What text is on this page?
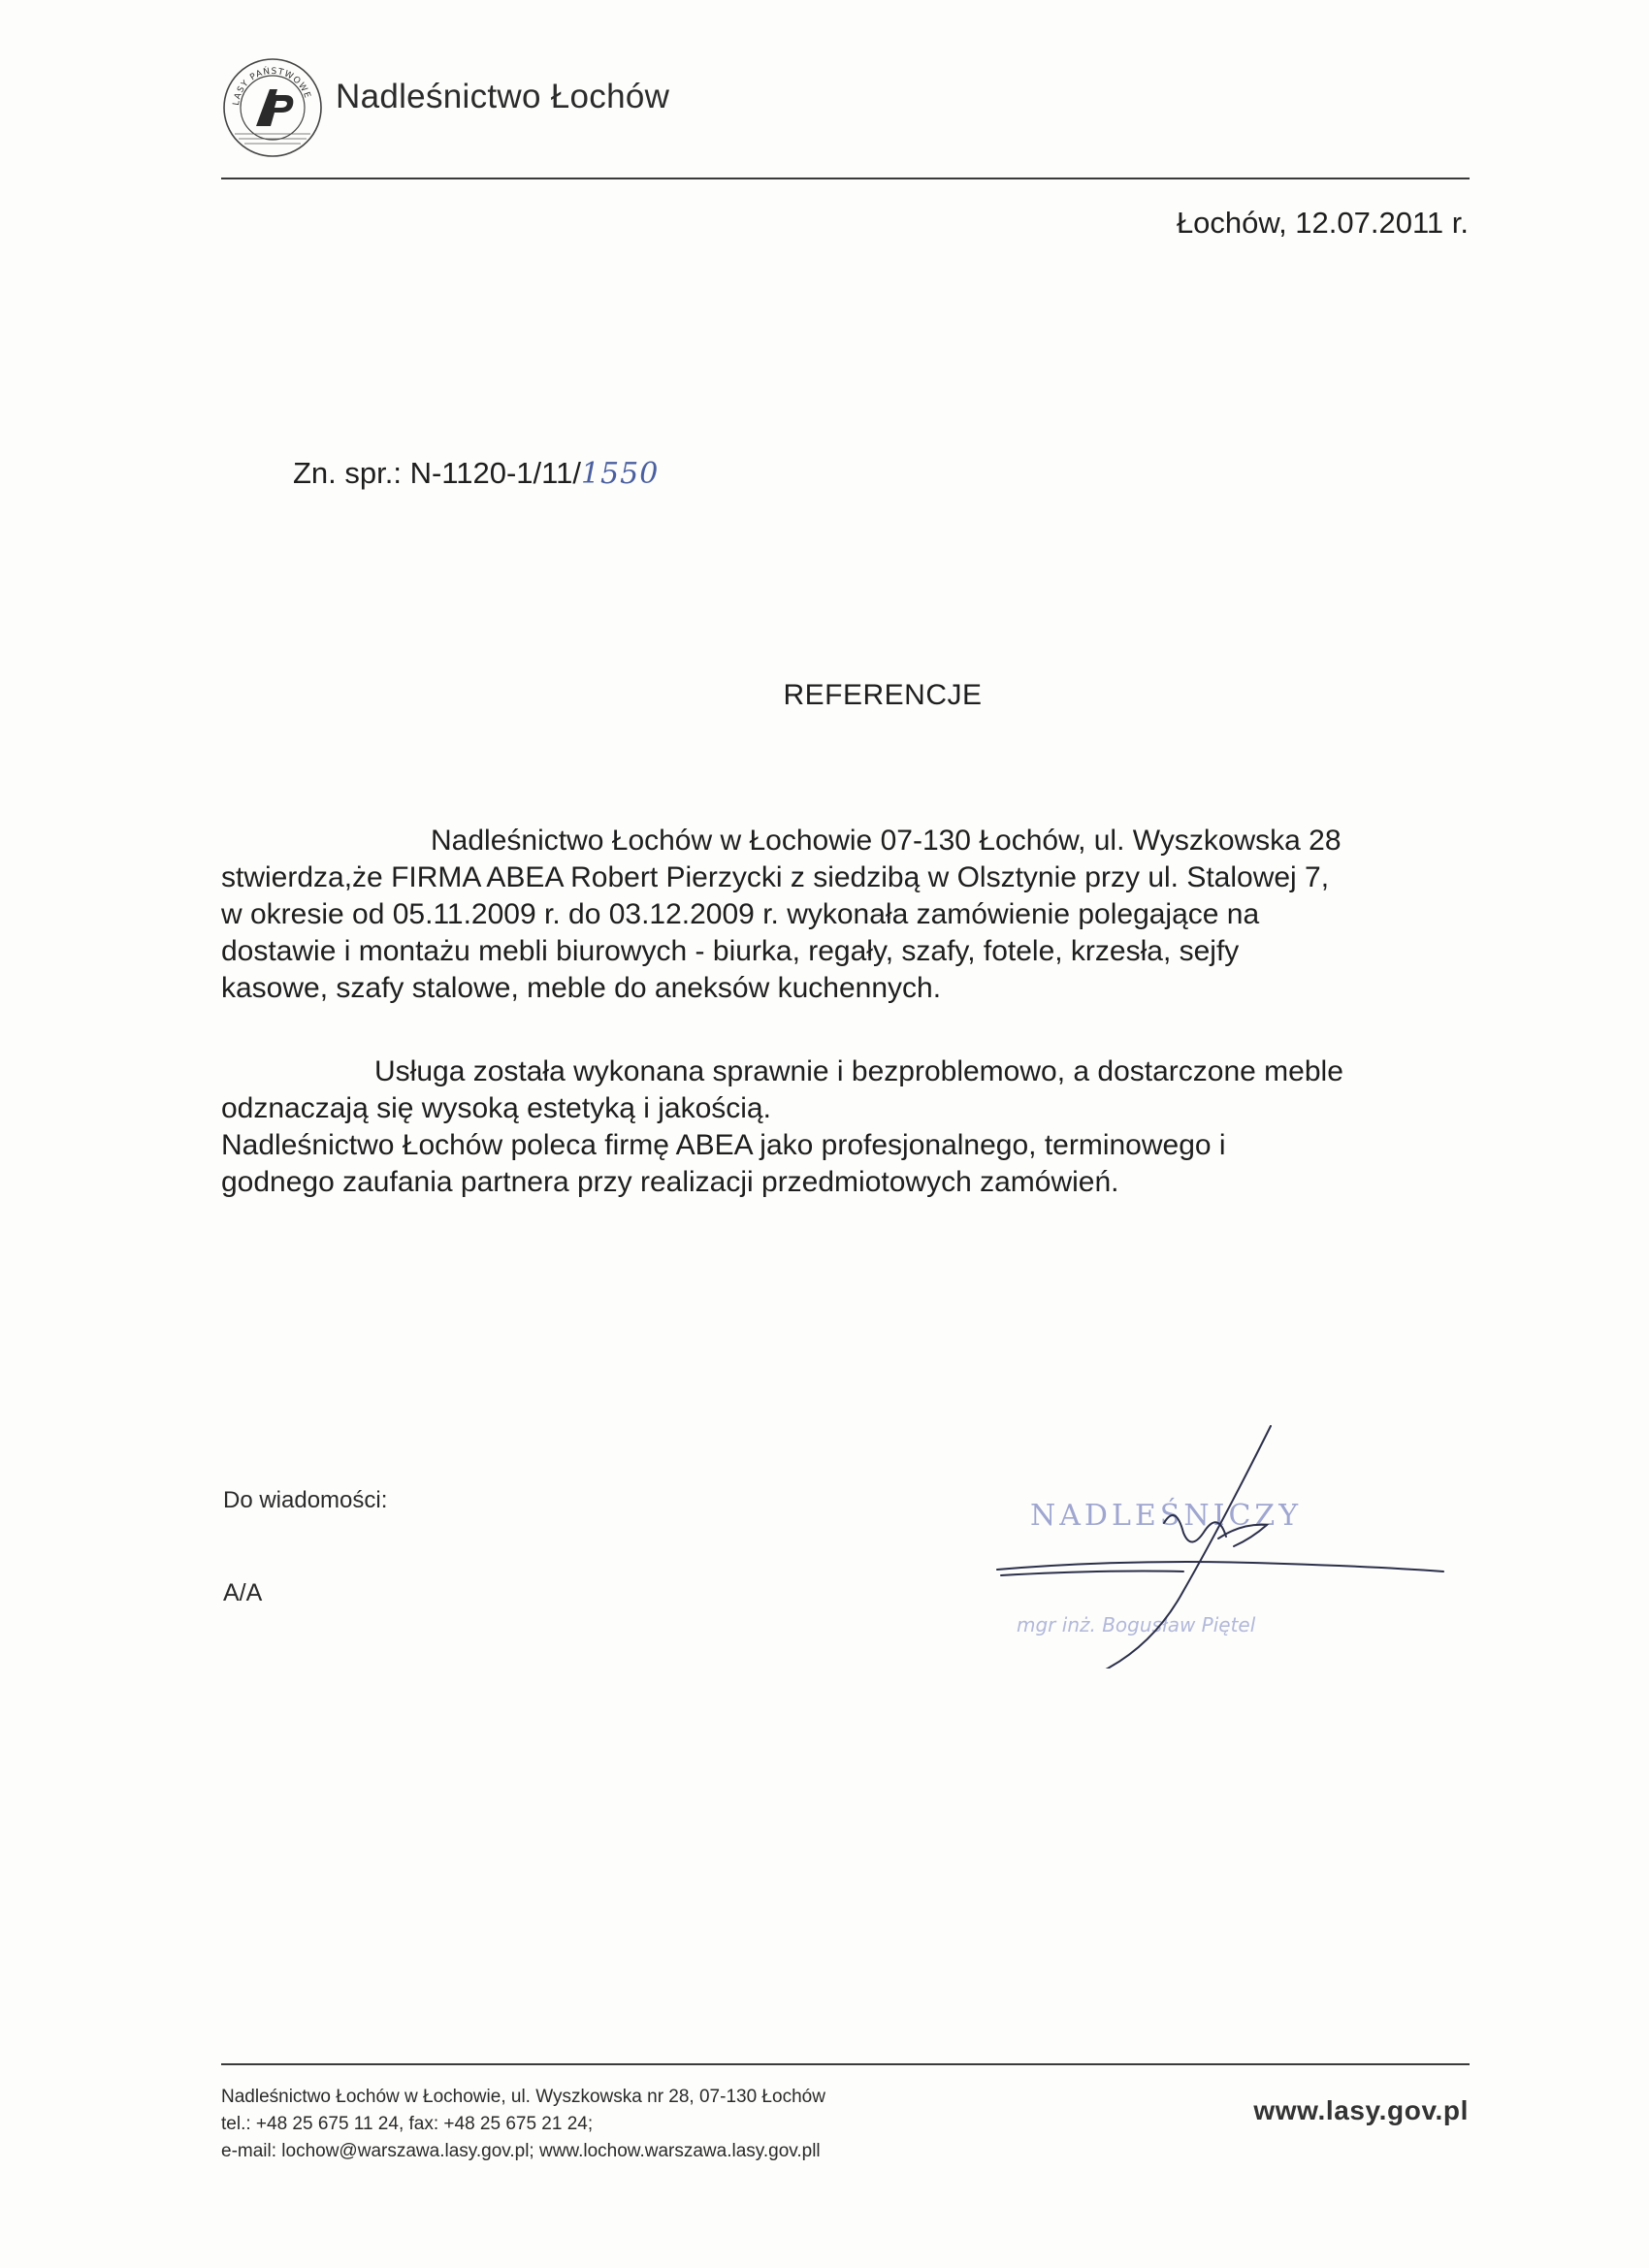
LASY PAŃSTWOWE Nadleśnictwo Łochów
Łochów, 12.07.2011 r.
Zn. spr.: N-1120-1/11/1550
REFERENCJE
Nadleśnictwo Łochów w Łochowie 07-130 Łochów, ul. Wyszkowska 28
stwierdza,że FIRMA ABEA Robert Pierzycki z siedzibą w Olsztynie przy ul. Stalowej 7,
w okresie od 05.11.2009 r. do 03.12.2009 r. wykonała zamówienie polegające na
dostawie i montażu mebli biurowych - biurka, regały, szafy, fotele, krzesła, sejfy
kasowe, szafy stalowe, meble do aneksów kuchennych.
Usługa została wykonana sprawnie i bezproblemowo, a dostarczone meble
odznaczają się wysoką estetyką i jakością.
Nadleśnictwo Łochów poleca firmę ABEA jako profesjonalnego, terminowego i
godnego zaufania partnera przy realizacji przedmiotowych zamówień.
Do wiadomości:
A/A
NADLEŚNICZY
mgr inż. Bogusław Piętel
Nadleśnictwo Łochów w Łochowie, ul. Wyszkowska nr 28, 07-130 Łochów
tel.: +48 25 675 11 24, fax: +48 25 675 21 24;
e-mail: lochow@warszawa.lasy.gov.pl; www.lochow.warszawa.lasy.gov.pll
www.lasy.gov.pl
